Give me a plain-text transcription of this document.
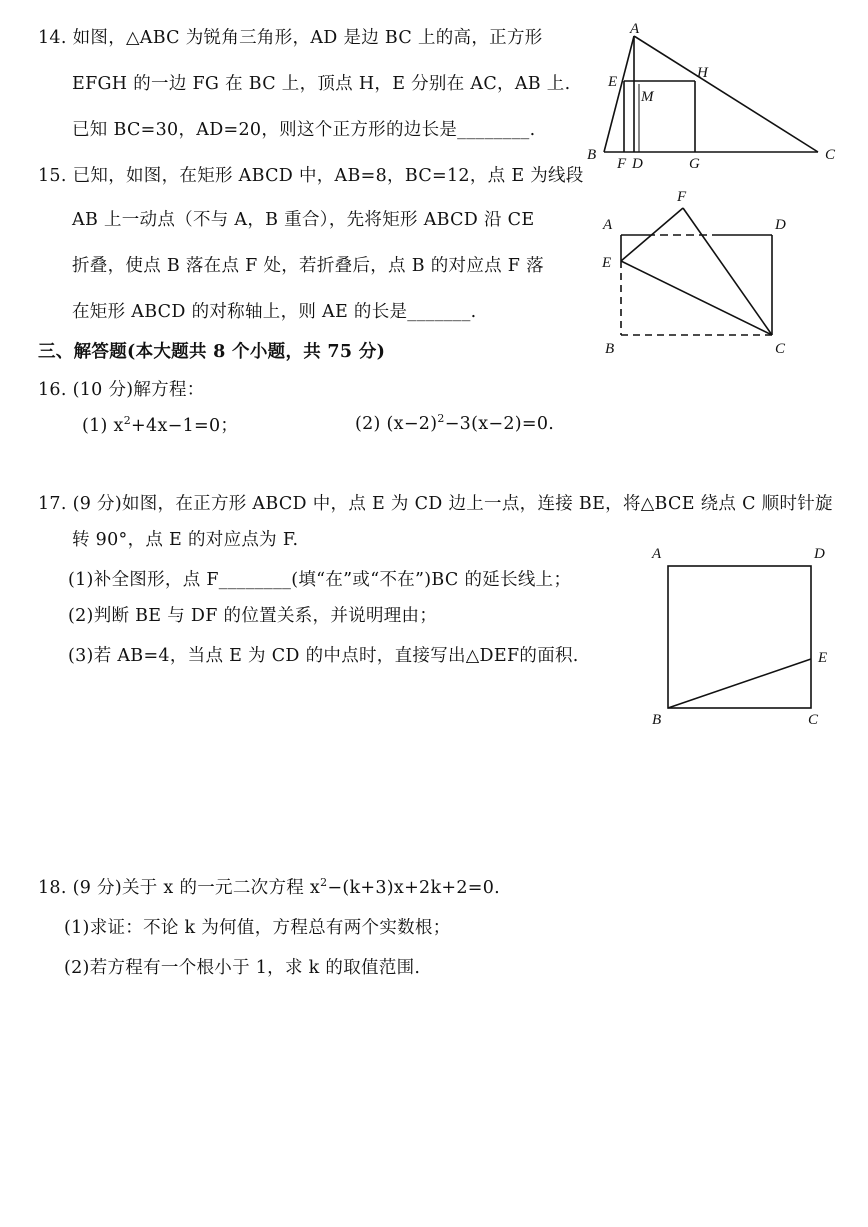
14. 如图，△ABC 为锐角三角形，AD 是边 BC 上的高，正方形
EFGH 的一边 FG 在 BC 上，顶点 H，E 分别在 AC，AB 上.
已知 BC=30，AD=20，则这个正方形的边长是________.
A
E
H
M
B
F D	G
C
15. 已知，如图，在矩形 ABCD 中，AB=8，BC=12，点 E 为线段
AB 上一动点（不与 A，B 重合），先将矩形 ABCD 沿 CE
折叠，使点 B 落在点 F 处，若折叠后，点 B 的对应点 F 落
在矩形 ABCD 的对称轴上，则 AE 的长是_______.
F
A	D
E
B	C
三、解答题(本大题共 8 个小题，共 75 分)
16. (10 分)解方程：
(1) $x^2+4x-1=0$；	(2) $(x-2)^2-3(x-2)=0$.
17. (9 分)如图，在正方形 ABCD 中，点 E 为 CD 边上一点，连接 BE，将△BCE 绕点 C 顺时针旋
转 90°，点 E 的对应点为 F.
(1)补全图形，点 F________(填“在”或“不在”)BC 的延长线上；
(2)判断 BE 与 DF 的位置关系，并说明理由；
(3)若 AB=4，当点 E 为 CD 的中点时，直接写出△DEF的面积.
A	D
E
B	C
18. (9 分)关于 x 的一元二次方程 $x^2-(k+3)x+2k+2=0$.
(1)求证：不论 k 为何值，方程总有两个实数根；
(2)若方程有一个根小于 1，求 k 的取值范围.
